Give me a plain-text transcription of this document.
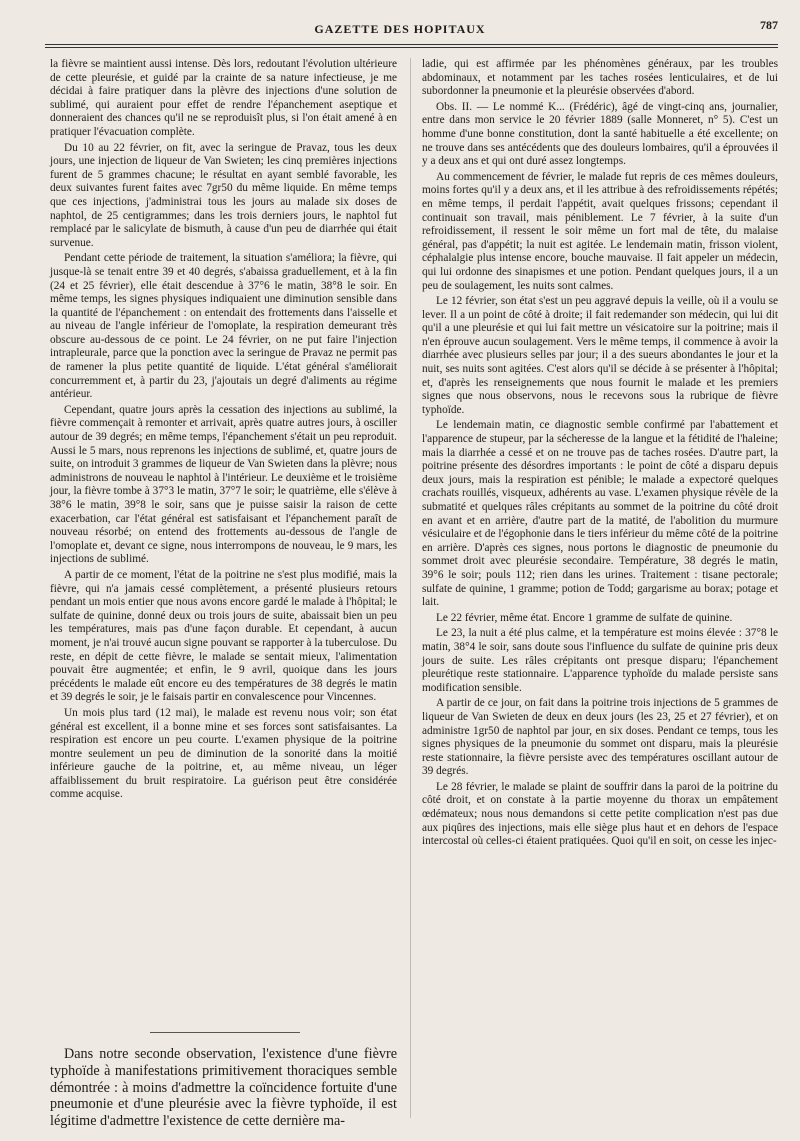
GAZETTE DES HOPITAUX	787

la fièvre se maintient aussi intense. Dès lors, redoutant l'évolution ultérieure de cette pleurésie, et guidé par la crainte de sa nature infectieuse, je me décidai à faire pratiquer dans la plèvre des injections d'une solution de sublimé, qui auraient pour effet de rendre l'épanchement aseptique et donneraient des chances qu'il ne se reproduisît plus, si l'on était amené à en pratiquer l'évacuation complète.

Du 10 au 22 février, on fit, avec la seringue de Pravaz, tous les deux jours, une injection de liqueur de Van Swieten; les cinq premières injections furent de 5 grammes chacune; le résultat en ayant semblé favorable, les deux suivantes furent faites avec 7gr50 du même liquide. En même temps que ces injections, j'administrai tous les jours au malade six doses de naphtol, de 25 centigrammes; dans les trois derniers jours, le naphtol fut remplacé par le salicylate de bismuth, à cause d'un peu de diarrhée qui était survenue.

Pendant cette période de traitement, la situation s'améliora; la fièvre, qui jusque-là se tenait entre 39 et 40 degrés, s'abaissa graduellement, et à la fin (24 et 25 février), elle était descendue à 37°6 le matin, 38°8 le soir. En même temps, les signes physiques indiquaient une diminution sensible dans la quantité de l'épanchement : on entendait des frottements dans l'aisselle et au niveau de l'angle inférieur de l'omoplate, la respiration demeurant très obscure au-dessous de ce point. Le 24 février, on ne put faire l'injection intrapleurale, parce que la ponction avec la seringue de Pravaz ne permit pas de ramener la plus petite quantité de liquide. L'état général s'améliorait concurremment et, à partir du 23, j'ajoutais un degré d'aliments au régime antérieur.

Cependant, quatre jours après la cessation des injections au sublimé, la fièvre commençait à remonter et arrivait, après quatre autres jours, à osciller autour de 39 degrés; en même temps, l'épanchement s'était un peu reproduit. Aussi le 5 mars, nous reprenons les injections de sublimé, et, quatre jours de suite, on introduit 3 grammes de liqueur de Van Swieten dans la plèvre; nous administrons de nouveau le naphtol à l'intérieur. Le deuxième et le troisième jour, la fièvre tombe à 37°3 le matin, 37°7 le soir; le quatrième, elle s'élève à 38°6 le matin, 39°8 le soir, sans que je puisse saisir la raison de cette exacerbation, car l'état général est satisfaisant et l'épanchement paraît de nouveau résorbé; on entend des frottements au-dessous de l'angle de l'omoplate et, devant ce signe, nous interrompons de nouveau, le 9 mars, les injections de sublimé.

A partir de ce moment, l'état de la poitrine ne s'est plus modifié, mais la fièvre, qui n'a jamais cessé complètement, a présenté plusieurs retours pendant un mois entier que nous avons encore gardé le malade à l'hôpital; le sulfate de quinine, donné deux ou trois jours de suite, abaissait bien un peu les températures, mais pas d'une façon durable. Et cependant, à aucun moment, je n'ai trouvé aucun signe pouvant se rapporter à la tuberculose. Du reste, en dépit de cette fièvre, le malade se sentait mieux, l'alimentation pouvait être augmentée; et enfin, le 9 avril, quoique dans les jours précédents le malade eût encore eu des températures de 38 degrés le matin et 39 degrés le soir, je le faisais partir en convalescence pour Vincennes.

Un mois plus tard (12 mai), le malade est revenu nous voir; son état général est excellent, il a bonne mine et ses forces sont satisfaisantes. La respiration est encore un peu courte. L'examen physique de la poitrine montre seulement un peu de diminution de la sonorité dans la moitié inférieure gauche de la poitrine, et, au même niveau, un léger affaiblissement du bruit respiratoire. La guérison peut être considérée comme acquise.

Dans notre seconde observation, l'existence d'une fièvre typhoïde à manifestations primitivement thoraciques semble démontrée : à moins d'admettre la coïncidence fortuite d'une pneumonie et d'une pleurésie avec la fièvre typhoïde, il est légitime d'admettre l'existence de cette dernière ma-

ladie, qui est affirmée par les phénomènes généraux, par les troubles abdominaux, et notamment par les taches rosées lenticulaires, et de lui subordonner la pneumonie et la pleurésie observées d'abord.

Obs. II. — Le nommé K... (Frédéric), âgé de vingt-cinq ans, journalier, entre dans mon service le 20 février 1889 (salle Monneret, n° 5). C'est un homme d'une bonne constitution, dont la santé habituelle a été excellente; on ne trouve dans ses antécédents que des douleurs lombaires, qu'il a éprouvées il y a deux ans et qui ont duré assez longtemps.

Au commencement de février, le malade fut repris de ces mêmes douleurs, moins fortes qu'il y a deux ans, et il les attribue à des refroidissements répétés; en même temps, il perdait l'appétit, avait quelques frissons; cependant il continuait son travail, mais péniblement. Le 7 février, à la suite d'un refroidissement, il ressent le soir même un fort mal de tête, du malaise général, pas d'appétit; la nuit est agitée. Le lendemain matin, frisson violent, céphalalgie plus intense encore, bouche mauvaise. Il fait appeler un médecin, qui lui ordonne des sinapismes et une potion. Pendant quelques jours, il a un peu de soulagement, les nuits sont calmes.

Le 12 février, son état s'est un peu aggravé depuis la veille, où il a voulu se lever. Il a un point de côté à droite; il fait redemander son médecin, qui lui dit qu'il a une pleurésie et qui lui fait mettre un vésicatoire sur la poitrine; mais il n'en éprouve aucun soulagement. Vers le même temps, il commence à avoir la diarrhée avec plusieurs selles par jour; il a des sueurs abondantes le jour et la nuit, ses nuits sont agitées. C'est alors qu'il se décide à se présenter à l'hôpital; et, d'après les renseignements que nous fournit le malade et les premiers signes que nous observons, nous le recevons sous la rubrique de fièvre typhoïde.

Le lendemain matin, ce diagnostic semble confirmé par l'abattement et l'apparence de stupeur, par la sécheresse de la langue et la fétidité de l'haleine; mais la diarrhée a cessé et on ne trouve pas de taches rosées. D'autre part, la poitrine présente des désordres importants : le point de côté a disparu depuis deux jours, mais la respiration est pénible; le malade a expectoré quelques crachats rouillés, visqueux, adhérents au vase. L'examen physique révèle de la submatité et quelques râles crépitants au sommet de la poitrine du côté droit en avant et en arrière, d'autre part de la matité, de l'abolition du murmure vésiculaire et de l'égophonie dans le tiers inférieur du même côté de la poitrine en arrière. D'après ces signes, nous portons le diagnostic de pneumonie du sommet droit avec pleurésie secondaire. Température, 38 degrés le matin, 39°6 le soir; pouls 112; rien dans les urines. Traitement : tisane pectorale; sulfate de quinine, 1 gramme; potion de Todd; gargarisme au borax; potage et lait.

Le 22 février, même état. Encore 1 gramme de sulfate de quinine.

Le 23, la nuit a été plus calme, et la température est moins élevée : 37°8 le matin, 38°4 le soir, sans doute sous l'influence du sulfate de quinine pris deux jours de suite. Les râles crépitants ont presque disparu; l'épanchement pleurétique reste stationnaire. L'apparence typhoïde du malade persiste sans modification sensible.

A partir de ce jour, on fait dans la poitrine trois injections de 5 grammes de liqueur de Van Swieten de deux en deux jours (les 23, 25 et 27 février), et on administre 1gr50 de naphtol par jour, en six doses. Pendant ce temps, tous les signes physiques de la pneumonie du sommet ont disparu, mais la pleurésie reste stationnaire, la fièvre persiste avec des températures oscillant autour de 39 degrés.

Le 28 février, le malade se plaint de souffrir dans la paroi de la poitrine du côté droit, et on constate à la partie moyenne du thorax un empâtement œdémateux; nous nous demandons si cette petite complication n'est pas due aux piqûres des injections, mais elle siège plus haut et en dehors de l'espace intercostal où celles-ci étaient pratiquées. Quoi qu'il en soit, on cesse les injec-
